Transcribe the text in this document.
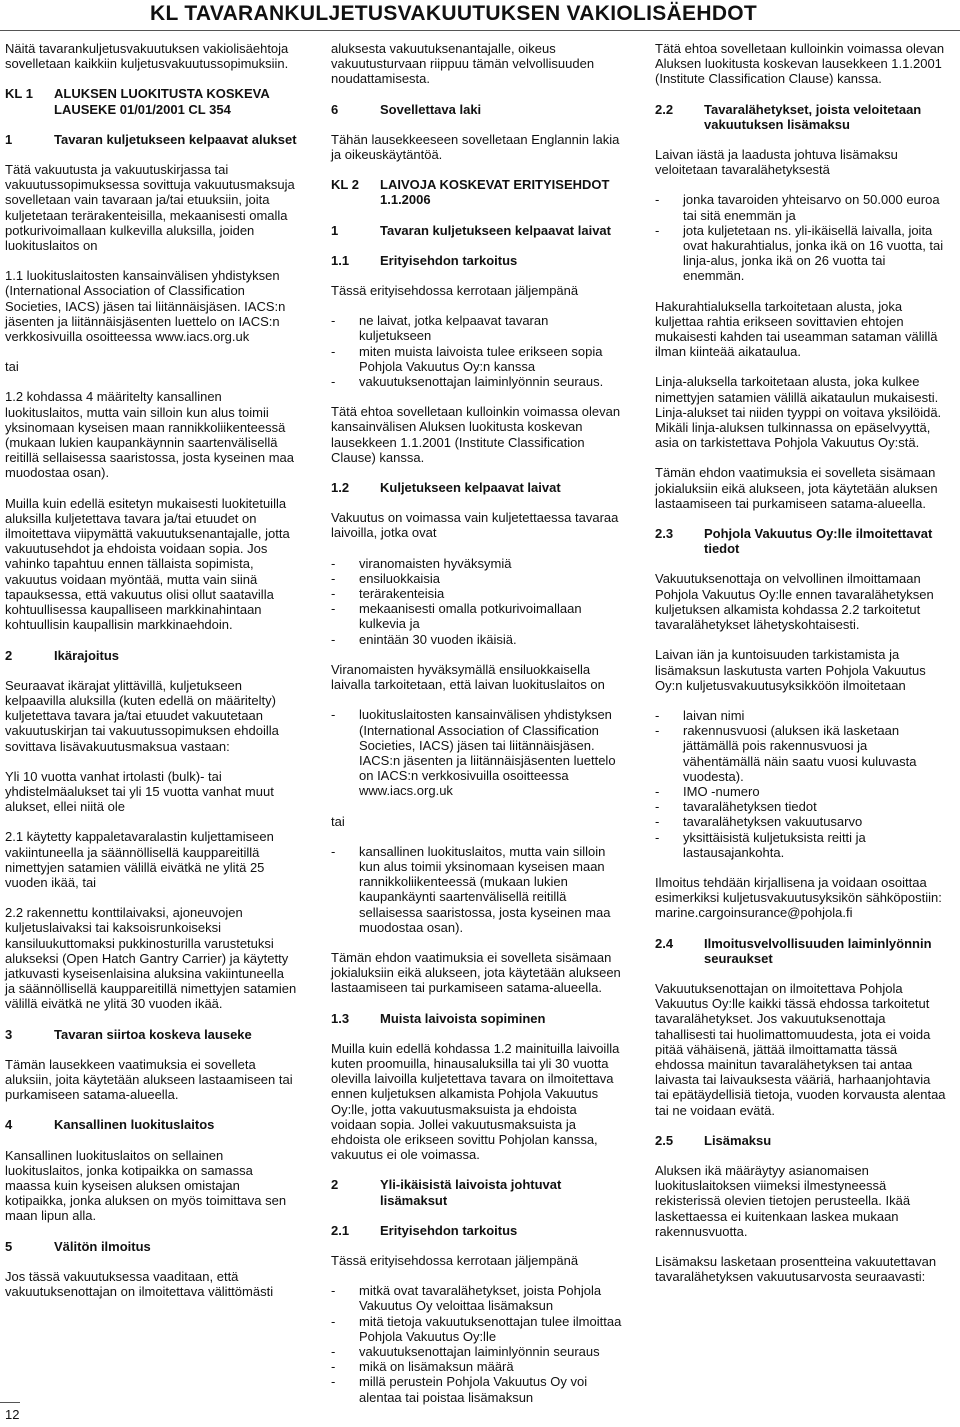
KL TAVARANKULJETUSVAKUUTUKSEN VAKIOLISÄEHDOT

Näitä tavarankuljetusvakuutuksen vakiolisäehtoja sovelletaan kaikkiin kuljetusvakuutussopimuksiin.

KL 1	ALUKSEN LUOKITUSTA KOSKEVA LAUSEKE 01/01/2001 CL 354
1	Tavaran kuljetukseen kelpaavat alukset

Tätä vakuutusta ja vakuutuskirjassa tai vakuutussopimuksessa sovittuja vakuutusmaksuja sovelletaan vain tavaraan ja/tai etuuksiin, joita kuljetetaan terärakenteisilla, mekaanisesti omalla potkurivoimallaan kulkevilla aluksilla, joiden luokituslaitos on

1.1 luokituslaitosten kansainvälisen yhdistyksen (International Association of Classification Societies, IACS) jäsen tai liitännäisjäsen. IACS:n jäsenten ja liitännäisjäsenten luettelo on IACS:n verkkosivuilla osoitteessa www.iacs.org.uk

tai

1.2 kohdassa 4 määritelty kansallinen luokituslaitos, mutta vain silloin kun alus toimii yksinomaan kyseisen maan rannikkoliikenteessä (mukaan lukien kaupankäynnin saartenvälisellä reitillä sellaisessa saaristossa, josta kyseinen maa muodostaa osan).

Muilla kuin edellä esitetyn mukaisesti luokitetuilla aluksilla kuljetettava tavara ja/tai etuudet on ilmoitettava viipymättä vakuutuksenantajalle, jotta vakuutusehdot ja ehdoista voidaan sopia. Jos vahinko tapahtuu ennen tällaista sopimista, vakuutus voidaan myöntää, mutta vain siinä tapauksessa, että vakuutus olisi ollut saatavilla kohtuullisessa kaupalliseen markkinahintaan kohtuullisin kaupallisin markkinaehdoin.

2	Ikärajoitus

Seuraavat ikärajat ylittävillä, kuljetukseen kelpaavilla aluksilla (kuten edellä on määritelty) kuljetettava tavara ja/tai etuudet vakuutetaan vakuutuskirjan tai vakuutussopimuksen ehdoilla sovittava lisävakuutusmaksua vastaan:

Yli 10 vuotta vanhat irtolasti (bulk)- tai yhdistelmäalukset tai yli 15 vuotta vanhat muut alukset, ellei niitä ole

2.1 käytetty kappaletavaralastin kuljettamiseen vakiintuneella ja säännöllisellä kauppareitillä nimettyjen satamien välillä eivätkä ne ylitä 25 vuoden ikää, tai

2.2 rakennettu konttilaivaksi, ajoneuvojen kuljetuslaivaksi tai kaksoisrunkoiseksi kansiluukuttomaksi pukkinosturilla varustetuksi alukseksi (Open Hatch Gantry Carrier) ja käytetty jatkuvasti kyseisenlaisina aluksina vakiintuneella ja säännöllisellä kauppareitillä nimettyjen satamien välillä eivätkä ne ylitä 30 vuoden ikää.

3	Tavaran siirtoa koskeva lauseke

Tämän lausekkeen vaatimuksia ei sovelleta aluksiin, joita käytetään alukseen lastaamiseen tai purkamiseen satama-alueella.

4	Kansallinen luokituslaitos

Kansallinen luokituslaitos on sellainen luokituslaitos, jonka kotipaikka on samassa maassa kuin kyseisen aluksen omistajan kotipaikka, jonka aluksen on myös toimittava sen maan lipun alla.

5	Välitön ilmoitus

Jos tässä vakuutuksessa vaaditaan, että vakuutuksenottajan on ilmoitettava välittömästi

aluksesta vakuutuksenantajalle, oikeus vakuutusturvaan riippuu tämän velvollisuuden noudattamisesta.

6	Sovellettava laki

Tähän lausekkeeseen sovelletaan Englannin lakia ja oikeuskäytäntöä.

KL 2	LAIVOJA KOSKEVAT ERITYISEHDOT 1.1.2006
1	Tavaran kuljetukseen kelpaavat laivat
1.1	Erityisehdon tarkoitus

Tässä erityisehdossa kerrotaan jäljempänä

- ne laivat, jotka kelpaavat tavaran kuljetukseen
- miten muista laivoista tulee erikseen sopia Pohjola Vakuutus Oy:n kanssa
- vakuutuksenottajan laiminlyönnin seuraus.

Tätä ehtoa sovelletaan kulloinkin voimassa olevan kansainvälisen Aluksen luokitusta koskevan lausekkeen 1.1.2001 (Institute Classification Clause) kanssa.

1.2	Kuljetukseen kelpaavat laivat

Vakuutus on voimassa vain kuljetettaessa tavaraa laivoilla, jotka ovat

- viranomaisten hyväksymiä
- ensiluokkaisia
- terärakenteisia
- mekaanisesti omalla potkurivoimallaan kulkevia ja
- enintään 30 vuoden ikäisiä.

Viranomaisten hyväksymällä ensiluokkaisella laivalla tarkoitetaan, että laivan luokituslaitos on

- luokituslaitosten kansainvälisen yhdistyksen (International Association of Classification Societies, IACS) jäsen tai liitännäisjäsen. IACS:n jäsenten ja liitännäisjäsenten luettelo on IACS:n verkkosivuilla osoitteessa www.iacs.org.uk

tai

- kansallinen luokituslaitos, mutta vain silloin kun alus toimii yksinomaan kyseisen maan rannikkoliikenteessä (mukaan lukien kaupankäynti saartenvälisellä reitillä sellaisessa saaristossa, josta kyseinen maa muodostaa osan).

Tämän ehdon vaatimuksia ei sovelleta sisämaan jokialuksiin eikä alukseen, jota käytetään alukseen lastaamiseen tai purkamiseen satama-alueella.

1.3	Muista laivoista sopiminen

Muilla kuin edellä kohdassa 1.2 mainituilla laivoilla kuten proomuilla, hinausaluksilla tai yli 30 vuotta olevilla laivoilla kuljetettava tavara on ilmoitettava ennen kuljetuksen alkamista Pohjola Vakuutus Oy:lle, jotta vakuutusmaksuista ja ehdoista voidaan sopia. Jollei vakuutusmaksuista ja ehdoista ole erikseen sovittu Pohjolan kanssa, vakuutus ei ole voimassa.

2	Yli-ikäisistä laivoista johtuvat lisämaksut
2.1	Erityisehdon tarkoitus

Tässä erityisehdossa kerrotaan jäljempänä

- mitkä ovat tavaralähetykset, joista Pohjola Vakuutus Oy veloittaa lisämaksun
- mitä tietoja vakuutuksenottajan tulee ilmoittaa Pohjola Vakuutus Oy:lle
- vakuutuksenottajan laiminlyönnin seuraus
- mikä on lisämaksun määrä
- millä perustein Pohjola Vakuutus Oy voi alentaa tai poistaa lisämaksun

Tätä ehtoa sovelletaan kulloinkin voimassa olevan Aluksen luokitusta koskevan lausekkeen 1.1.2001 (Institute Classification Clause) kanssa.

2.2	Tavaralähetykset, joista veloitetaan vakuutuksen lisämaksu

Laivan iästä ja laadusta johtuva lisämaksu veloitetaan tavaralähetyksestä

- jonka tavaroiden yhteisarvo on 50.000 euroa tai sitä enemmän ja
- jota kuljetetaan ns. yli-ikäisellä laivalla, joita ovat hakurahtialus, jonka ikä on 16 vuotta, tai linja-alus, jonka ikä on 26 vuotta tai enemmän.

Hakurahtialuksella tarkoitetaan alusta, joka kuljettaa rahtia erikseen sovittavien ehtojen mukaisesti kahden tai useamman sataman välillä ilman kiinteää aikataulua.

Linja-aluksella tarkoitetaan alusta, joka kulkee nimettyjen satamien välillä aikataulun mukaisesti. Linja-alukset tai niiden tyyppi on voitava yksilöidä. Mikäli linja-aluksen tulkinnassa on epäselvyyttä, asia on tarkistettava Pohjola Vakuutus Oy:stä.

Tämän ehdon vaatimuksia ei sovelleta sisämaan jokialuksiin eikä alukseen, jota käytetään aluksen lastaamiseen tai purkamiseen satama-alueella.

2.3	Pohjola Vakuutus Oy:lle ilmoitettavat tiedot

Vakuutuksenottaja on velvollinen ilmoittamaan Pohjola Vakuutus Oy:lle ennen tavaralähetyksen kuljetuksen alkamista kohdassa 2.2 tarkoitetut tavaralähetykset lähetyskohtaisesti.

Laivan iän ja kuntoisuuden tarkistamista ja lisämaksun laskutusta varten Pohjola Vakuutus Oy:n kuljetusvakuutusyksikköön ilmoitetaan

- laivan nimi
- rakennusvuosi (aluksen ikä lasketaan jättämällä pois rakennusvuosi ja vähentämällä näin saatu vuosi kuluvasta vuodesta).
- IMO -numero
- tavaralähetyksen tiedot
- tavaralähetyksen vakuutusarvo
- yksittäisistä kuljetuksista reitti ja lastausajankohta.

Ilmoitus tehdään kirjallisena ja voidaan osoittaa esimerkiksi kuljetusvakuutusyksikön sähköpostiin: marine.cargoinsurance@pohjola.fi

2.4	Ilmoitusvelvollisuuden laiminlyönnin seuraukset

Vakuutuksenottajan on ilmoitettava Pohjola Vakuutus Oy:lle kaikki tässä ehdossa tarkoitetut tavaralähetykset. Jos vakuutuksenottaja tahallisesti tai huolimattomuudesta, jota ei voida pitää vähäisenä, jättää ilmoittamatta tässä ehdossa mainitun tavaralähetyksen tai antaa laivasta tai laivauksesta vääriä, harhaanjohtavia tai epätäydellisiä tietoja, vuoden korvausta alentaa tai ne voidaan evätä.

2.5	Lisämaksu

Aluksen ikä määräytyy asianomaisen luokituslaitoksen viimeksi ilmestyneessä rekisterissä olevien tietojen perusteella. Ikää laskettaessa ei kuitenkaan laskea mukaan rakennusvuotta.

Lisämaksu lasketaan prosentteina vakuutettavan tavaralähetyksen vakuutusarvosta seuraavasti:

12
